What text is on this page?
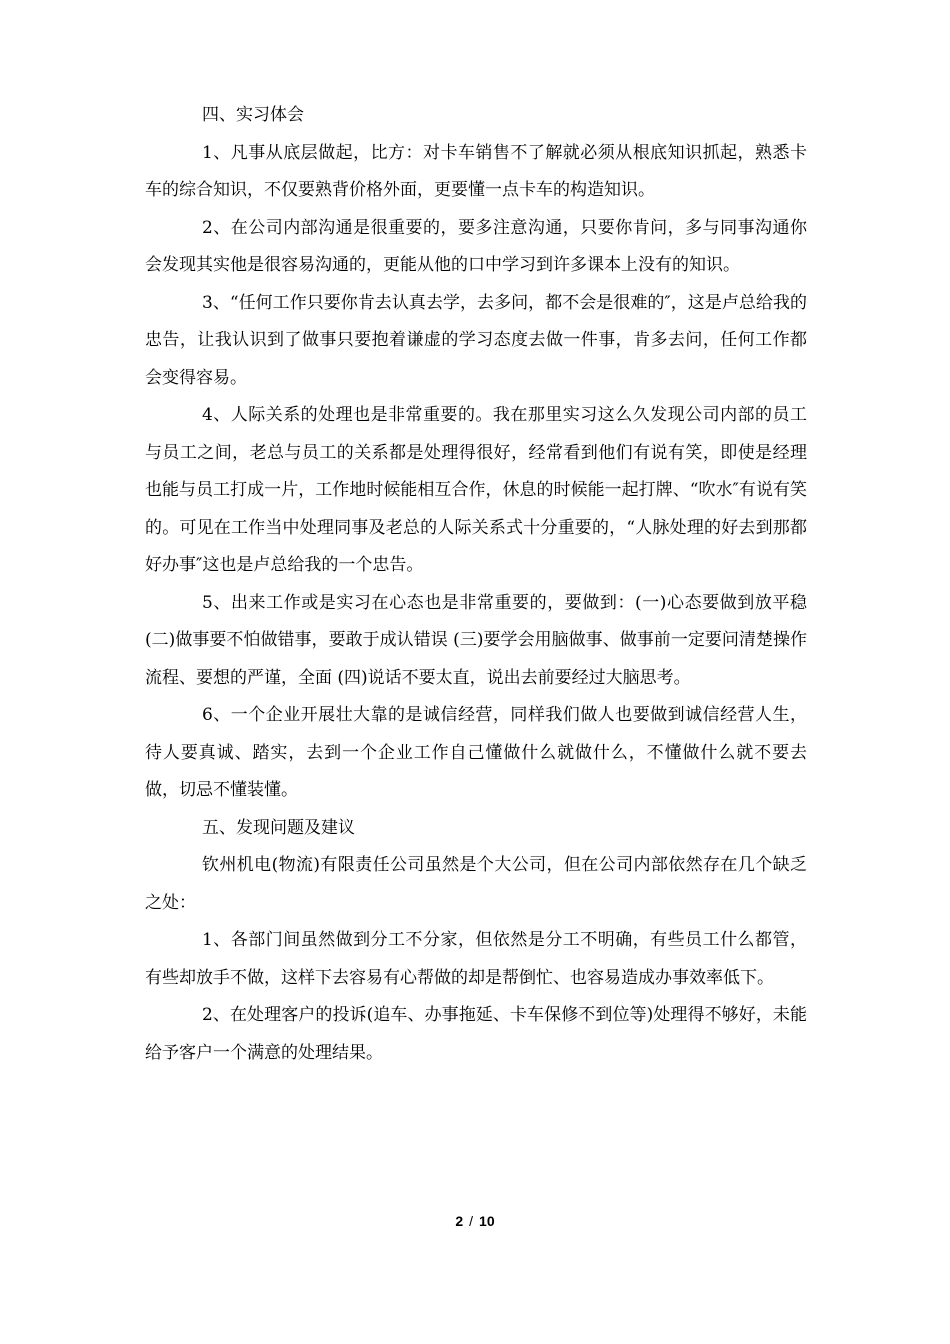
四、实习体会

1、凡事从底层做起，比方：对卡车销售不了解就必须从根底知识抓起，熟悉卡车的综合知识，不仅要熟背价格外面，更要懂一点卡车的构造知识。

2、在公司内部沟通是很重要的，要多注意沟通，只要你肯问，多与同事沟通你会发现其实他是很容易沟通的，更能从他的口中学习到许多课本上没有的知识。

3、“任何工作只要你肯去认真去学，去多问，都不会是很难的″，这是卢总给我的忠告，让我认识到了做事只要抱着谦虚的学习态度去做一件事，肯多去问，任何工作都会变得容易。

4、人际关系的处理也是非常重要的。我在那里实习这么久发现公司内部的员工与员工之间，老总与员工的关系都是处理得很好，经常看到他们有说有笑，即使是经理也能与员工打成一片，工作地时候能相互合作，休息的时候能一起打牌、“吹水″有说有笑的。可见在工作当中处理同事及老总的人际关系式十分重要的，“人脉处理的好去到那都好办事″这也是卢总给我的一个忠告。

5、出来工作或是实习在心态也是非常重要的，要做到：(一)心态要做到放平稳 (二)做事要不怕做错事，要敢于成认错误 (三)要学会用脑做事、做事前一定要问清楚操作流程、要想的严谨，全面 (四)说话不要太直，说出去前要经过大脑思考。

6、一个企业开展壮大靠的是诚信经营，同样我们做人也要做到诚信经营人生，待人要真诚、踏实，去到一个企业工作自己懂做什么就做什么，不懂做什么就不要去做，切忌不懂装懂。

五、发现问题及建议

钦州机电(物流)有限责任公司虽然是个大公司，但在公司内部依然存在几个缺乏之处：

1、各部门间虽然做到分工不分家，但依然是分工不明确，有些员工什么都管，有些却放手不做，这样下去容易有心帮做的却是帮倒忙、也容易造成办事效率低下。

2、在处理客户的投诉(追车、办事拖延、卡车保修不到位等)处理得不够好，未能给予客户一个满意的处理结果。

2 / 10
